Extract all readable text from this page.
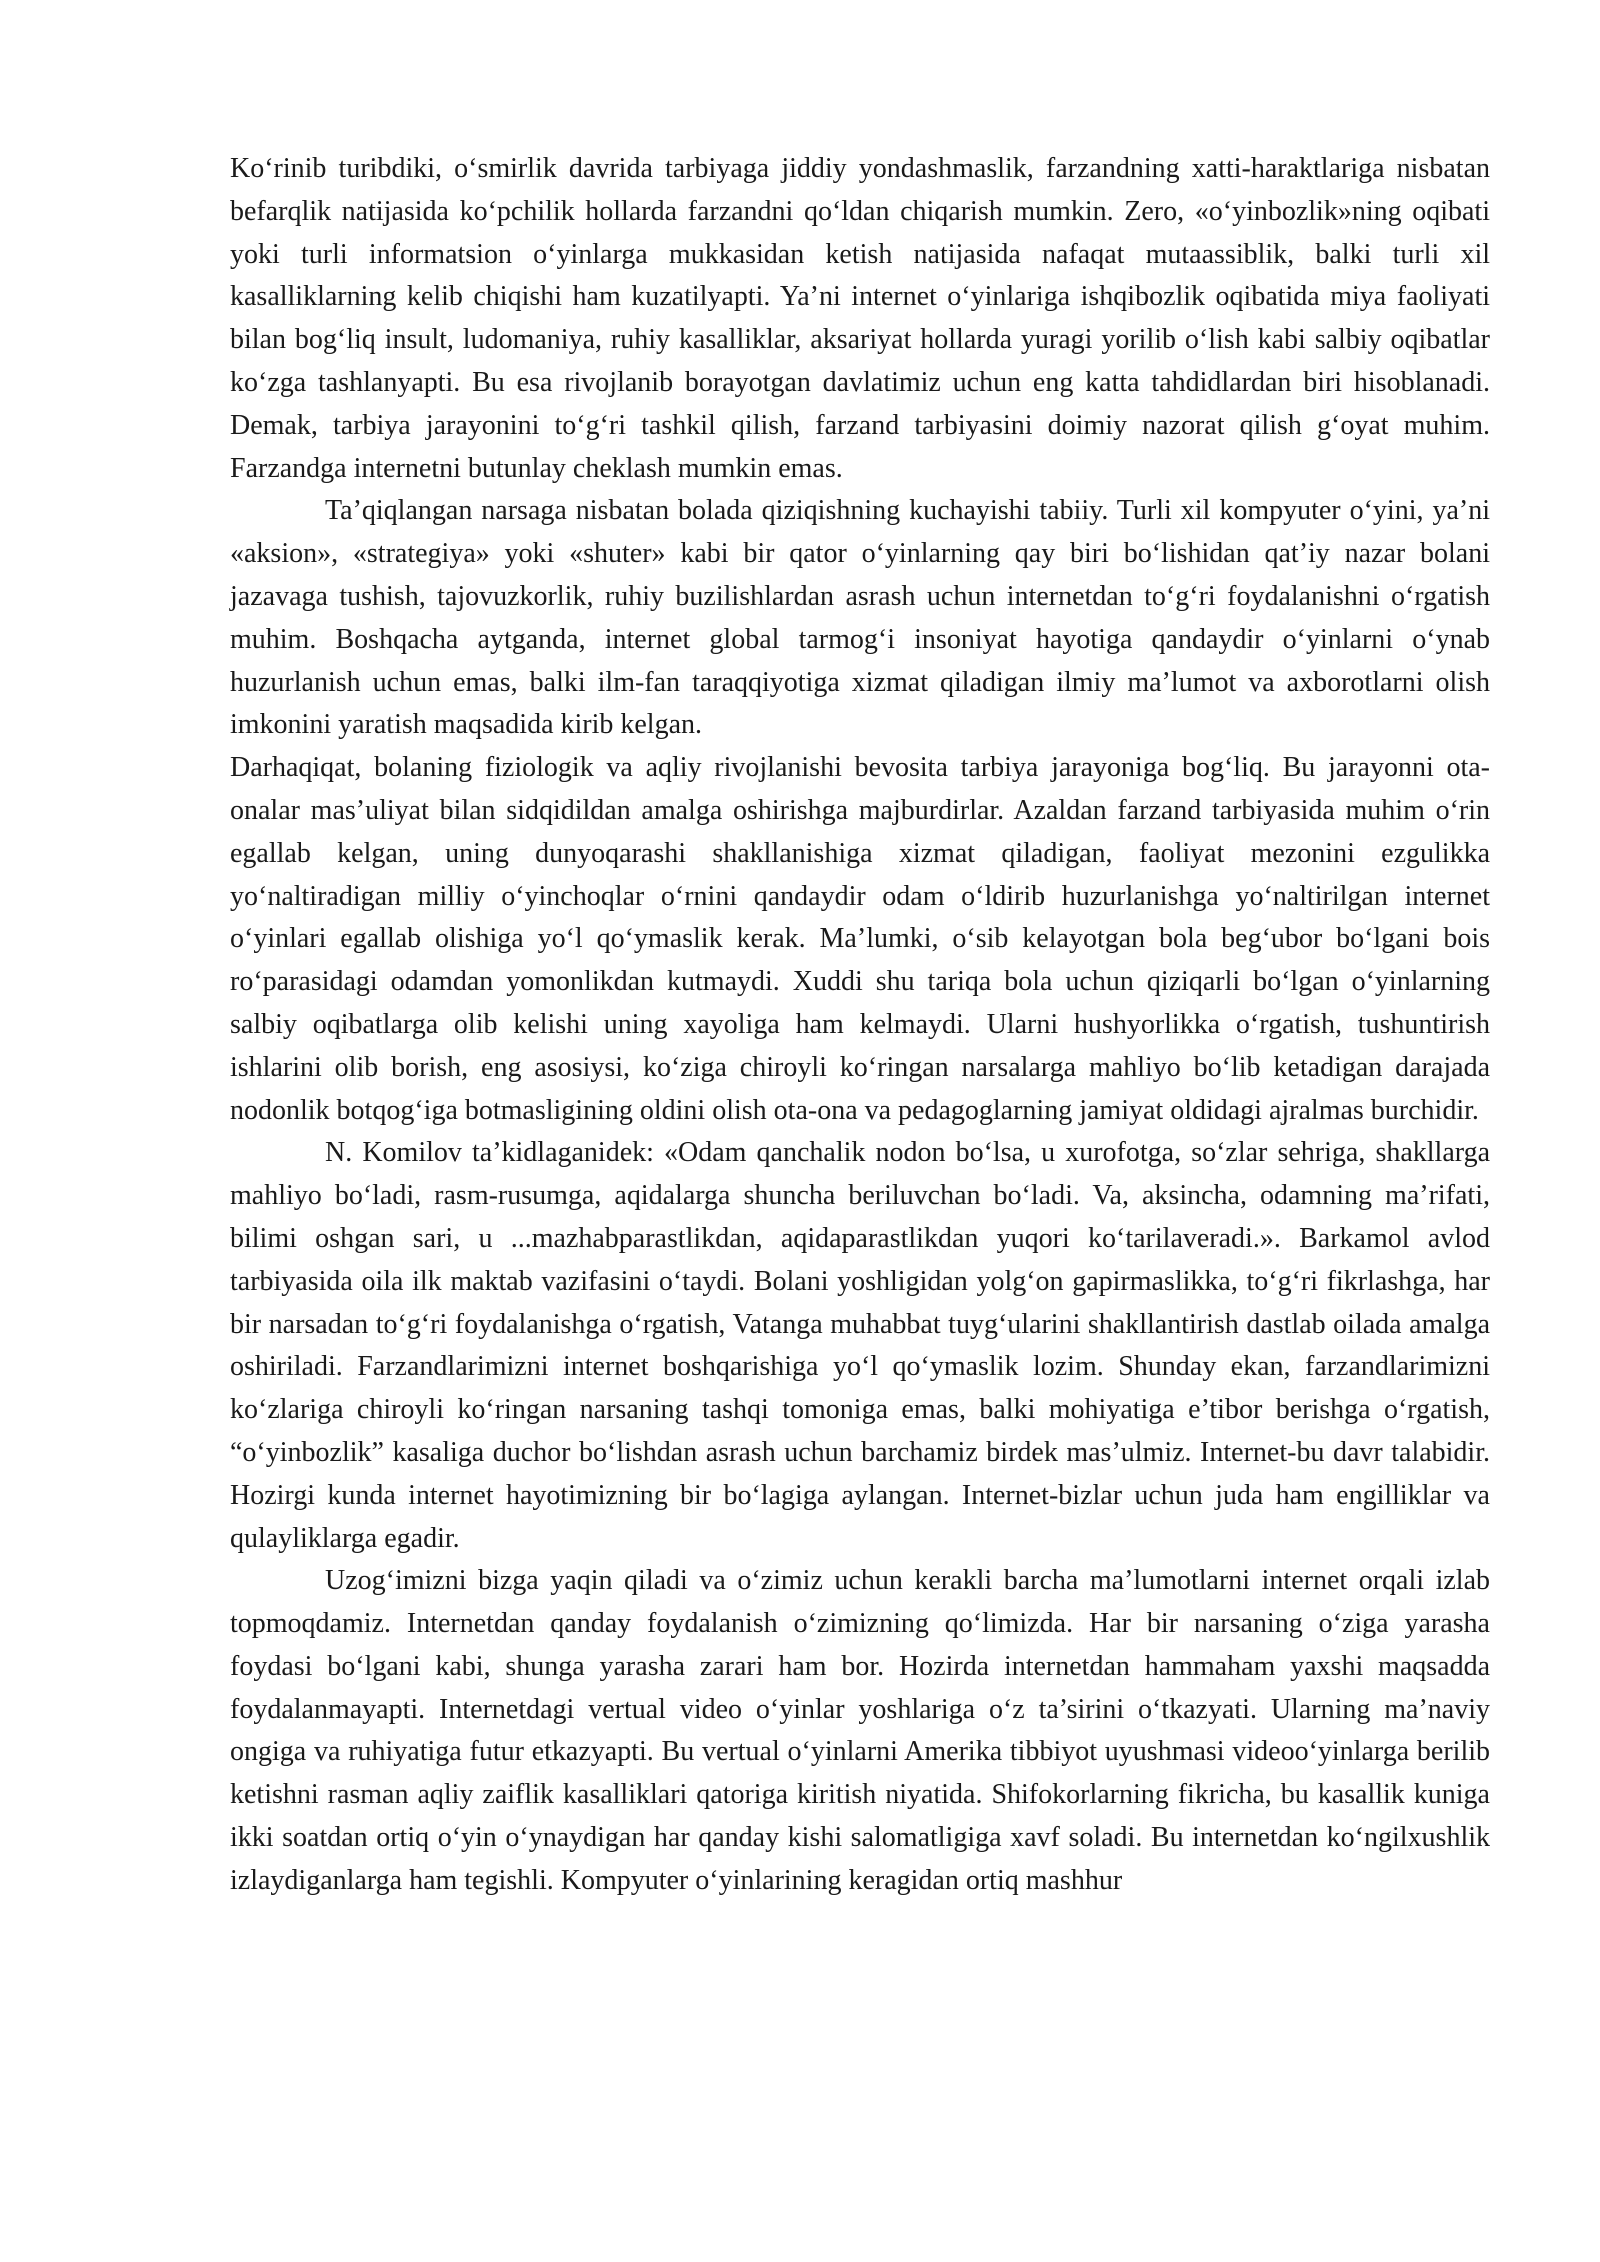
Ko‘rinib turibdiki, o‘smirlik davrida tarbiyaga jiddiy yondashmaslik, farzandning xatti-haraktlariga nisbatan befarqlik natijasida ko‘pchilik hollarda farzandni qo‘ldan chiqarish mumkin. Zero, «o‘yinbozlik»ning oqibati yoki turli informatsion o‘yinlarga mukkasidan ketish natijasida nafaqat mutaassiblik, balki turli xil kasalliklarning kelib chiqishi ham kuzatilyapti. Ya’ni internet o‘yinlariga ishqibozlik oqibatida miya faoliyati bilan bog‘liq insult, ludomaniya, ruhiy kasalliklar, aksariyat hollarda yuragi yorilib o‘lish kabi salbiy oqibatlar ko‘zga tashlanyapti. Bu esa rivojlanib borayotgan davlatimiz uchun eng katta tahdidlardan biri hisoblanadi. Demak, tarbiya jarayonini to‘g‘ri tashkil qilish, farzand tarbiyasini doimiy nazorat qilish g‘oyat muhim. Farzandga internetni butunlay cheklash mumkin emas.

Ta’qiqlangan narsaga nisbatan bolada qiziqishning kuchayishi tabiiy. Turli xil kompyuter o‘yini, ya’ni «aksion», «strategiya» yoki «shuter» kabi bir qator o‘yinlarning qay biri bo‘lishidan qat’iy nazar bolani jazavaga tushish, tajovuzkorlik, ruhiy buzilishlardan asrash uchun internetdan to‘g‘ri foydalanishni o‘rgatish muhim. Boshqacha aytganda, internet global tarmog‘i insoniyat hayotiga qandaydir o‘yinlarni o‘ynab huzurlanish uchun emas, balki ilm-fan taraqqiyotiga xizmat qiladigan ilmiy ma’lumot va axborotlarni olish imkonini yaratish maqsadida kirib kelgan.

Darhaqiqat, bolaning fiziologik va aqliy rivojlanishi bevosita tarbiya jarayoniga bog‘liq. Bu jarayonni ota-onalar mas’uliyat bilan sidqidildan amalga oshirishga majburdirlar. Azaldan farzand tarbiyasida muhim o‘rin egallab kelgan, uning dunyoqarashi shakllanishiga xizmat qiladigan, faoliyat mezonini ezgulikka yo‘naltiradigan milliy o‘yinchoqlar o‘rnini qandaydir odam o‘ldirib huzurlanishga yo‘naltirilgan internet o‘yinlari egallab olishiga yo‘l qo‘ymaslik kerak. Ma’lumki, o‘sib kelayotgan bola beg‘ubor bo‘lgani bois ro‘parasidagi odamdan yomonlikdan kutmaydi. Xuddi shu tariqa bola uchun qiziqarli bo‘lgan o‘yinlarning salbiy oqibatlarga olib kelishi uning xayoliga ham kelmaydi. Ularni hushyorlikka o‘rgatish, tushuntirish ishlarini olib borish, eng asosiysi, ko‘ziga chiroyli ko‘ringan narsalarga mahliyo bo‘lib ketadigan darajada nodonlik botqog‘iga botmasligining oldini olish ota-ona va pedagoglarning jamiyat oldidagi ajralmas burchidir.

N. Komilov ta’kidlaganidek: «Odam qanchalik nodon bo‘lsa, u xurofotga, so‘zlar sehriga, shakllarga mahliyo bo‘ladi, rasm-rusumga, aqidalarga shuncha beriluvchan bo‘ladi. Va, aksincha, odamning ma’rifati, bilimi oshgan sari, u ...mazhabparastlikdan, aqidaparastlikdan yuqori ko‘tarilaveradi.». Barkamol avlod tarbiyasida oila ilk maktab vazifasini o‘taydi. Bolani yoshligidan yolg‘on gapirmaslikka, to‘g‘ri fikrlashga, har bir narsadan to‘g‘ri foydalanishga o‘rgatish, Vatanga muhabbat tuyg‘ularini shakllantirish dastlab oilada amalga oshiriladi. Farzandlarimizni internet boshqarishiga yo‘l qo‘ymaslik lozim. Shunday ekan, farzandlarimizni ko‘zlariga chiroyli ko‘ringan narsaning tashqi tomoniga emas, balki mohiyatiga e’tibor berishga o‘rgatish, “o‘yinbozlik” kasaliga duchor bo‘lishdan asrash uchun barchamiz birdek mas’ulmiz. Internet-bu davr talabidir. Hozirgi kunda internet hayotimizning bir bo‘lagiga aylangan. Internet-bizlar uchun juda ham engilliklar va qulayliklarga egadir.

Uzog‘imizni bizga yaqin qiladi va o‘zimiz uchun kerakli barcha ma’lumotlarni internet orqali izlab topmoqdamiz. Internetdan qanday foydalanish o‘zimizning qo‘limizda. Har bir narsaning o‘ziga yarasha foydasi bo‘lgani kabi, shunga yarasha zarari ham bor. Hozirda internetdan hammaham yaxshi maqsadda foydalanmayapti. Internetdagi vertual video o‘yinlar yoshlariga o‘z ta’sirini o‘tkazyati. Ularning ma’naviy ongiga va ruhiyatiga futur etkazyapti. Bu vertual o‘yinlarni Amerika tibbiyot uyushmasi videoo‘yinlarga berilib ketishni rasman aqliy zaiflik kasalliklari qatoriga kiritish niyatida. Shifokorlarning fikricha, bu kasallik kuniga ikki soatdan ortiq o‘yin o‘ynaydigan har qanday kishi salomatligiga xavf soladi. Bu internetdan ko‘ngilxushlik izlaydiganlarga ham tegishli. Kompyuter o‘yinlarining keragidan ortiq mashhur
